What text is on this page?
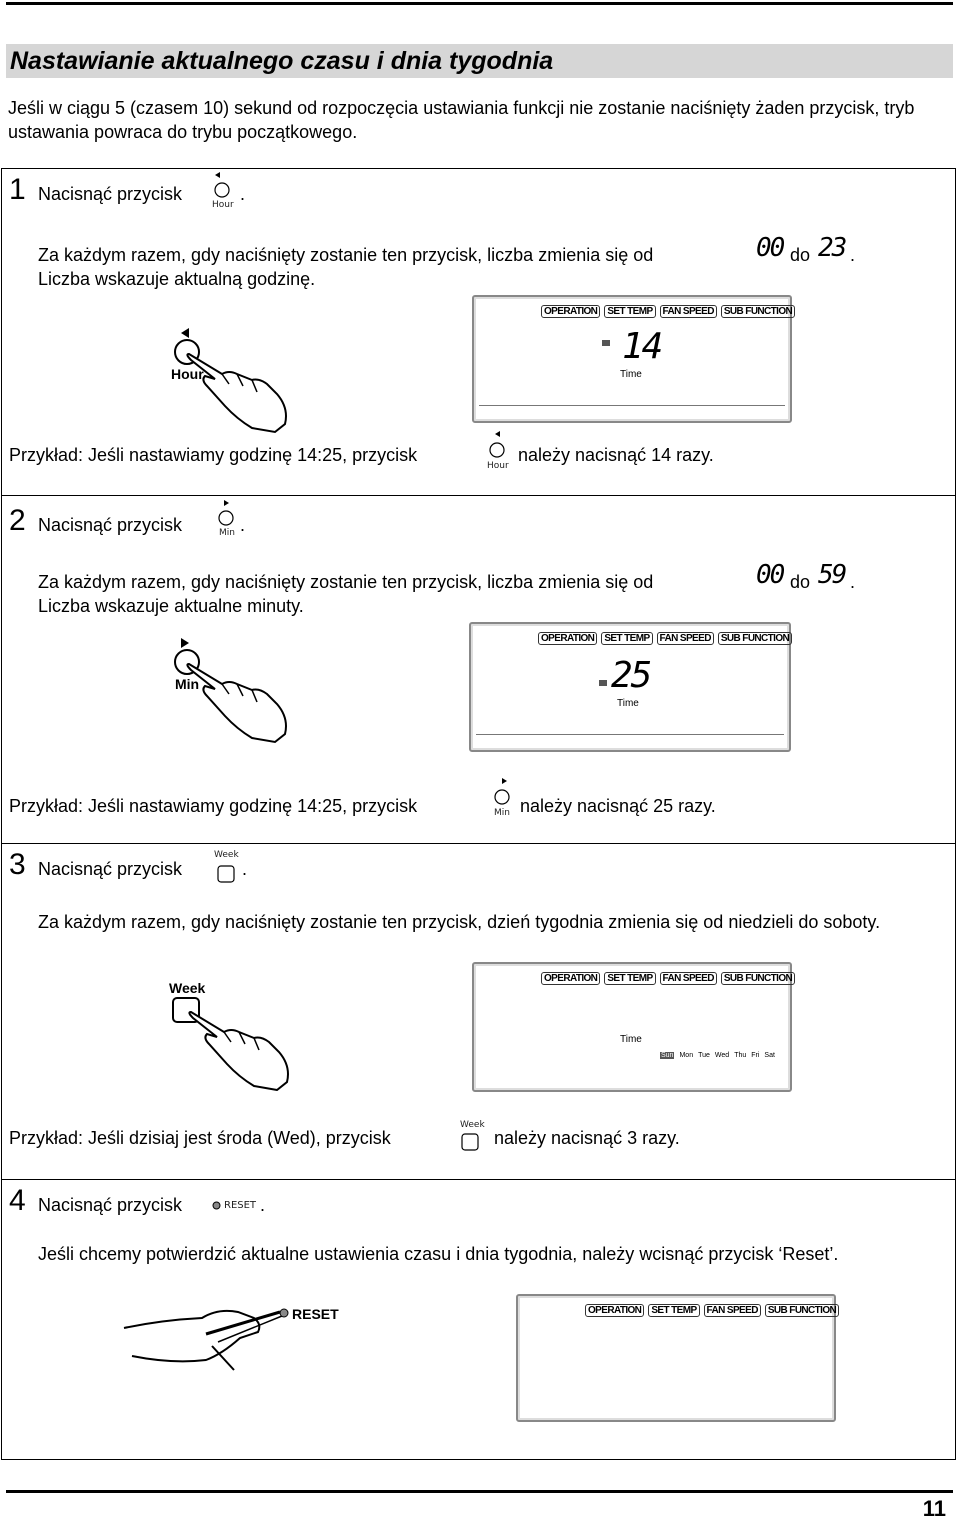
Nastawianie aktualnego czasu i dnia tygodnia
Jeśli w ciągu 5 (czasem 10) sekund od rozpoczęcia ustawiania funkcji nie zostanie naciśnięty żaden przycisk, tryb ustawania powraca do trybu początkowego.
1 Nacisnąć przycisk
Hour
.
Za każdym razem, gdy naciśnięty zostanie ten przycisk, liczba zmienia się od	00 do 23 .
Liczba wskazuje aktualną godzinę.
Hour
OPERATION	SET TEMP	FAN SPEED	SUB FUNCTION
14
Time
Przykład: Jeśli nastawiamy godzinę 14:25, przycisk
Hour
należy nacisnąć 14 razy.
2 Nacisnąć przycisk	Min .
Za każdym razem, gdy naciśnięty zostanie ten przycisk, liczba zmienia się od	00 do 59 .
Liczba wskazuje aktualne minuty.
Min
OPERATION	SET TEMP	FAN SPEED	SUB FUNCTION
25
Time
Przykład: Jeśli nastawiamy godzinę 14:25, przycisk	Min należy nacisnąć 25 razy.
3 Nacisnąć przycisk
Week
.
Za każdym razem, gdy naciśnięty zostanie ten przycisk, dzień tygodnia zmienia się od niedzieli do soboty.
Week
OPERATION	SET TEMP	FAN SPEED	SUB FUNCTION
Time
Sun Mon Tue Wed Thu Fri Sat
Przykład: Jeśli dzisiaj jest środa (Wed), przycisk
Week
należy nacisnąć 3 razy.
4 Nacisnąć przycisk	RESET .
Jeśli chcemy potwierdzić aktualne ustawienia czasu i dnia tygodnia, należy wcisnąć przycisk ‘Reset’.
RESET	OPERATION	SET TEMP	FAN SPEED	SUB FUNCTION
11
